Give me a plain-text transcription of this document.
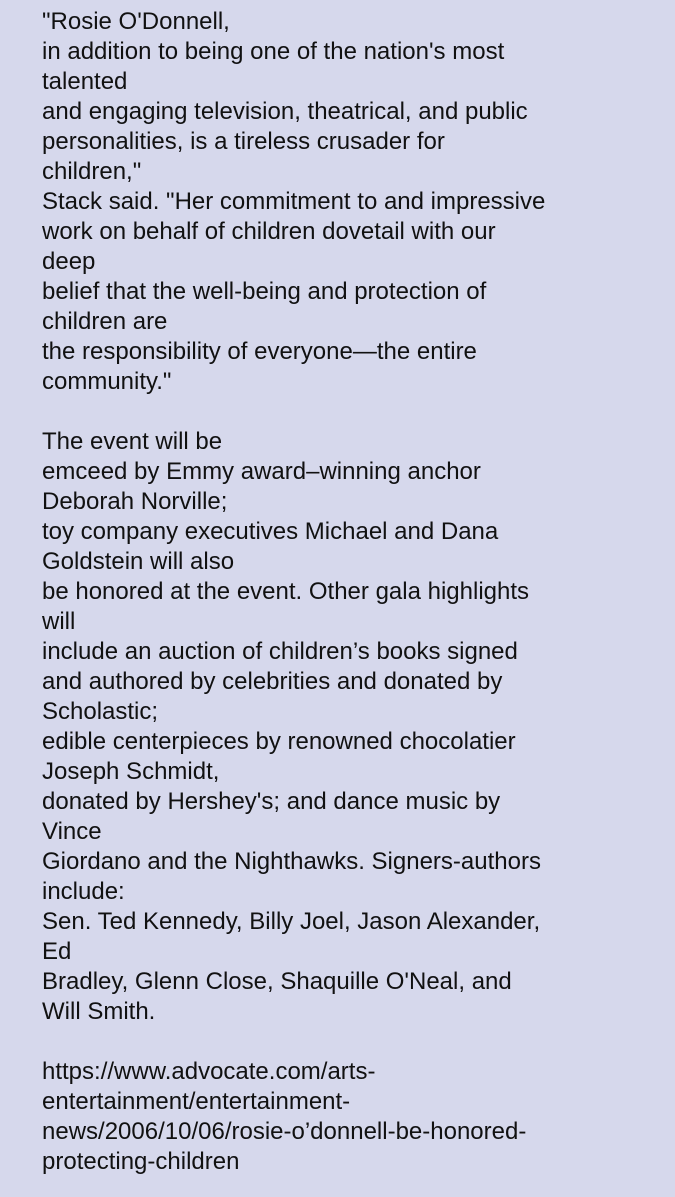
"Rosie O'Donnell,
in addition to being one of the nation's most
talented
and engaging television, theatrical, and public
personalities, is a tireless crusader for
children,"
Stack said. "Her commitment to and impressive
work on behalf of children dovetail with our
deep
belief that the well-being and protection of
children are
the responsibility of everyone—the entire
community."

The event will be
emceed by Emmy award–winning anchor
Deborah Norville;
toy company executives Michael and Dana
Goldstein will also
be honored at the event. Other gala highlights
will
include an auction of children’s books signed
and authored by celebrities and donated by
Scholastic;
edible centerpieces by renowned chocolatier
Joseph Schmidt,
donated by Hershey's; and dance music by
Vince
Giordano and the Nighthawks. Signers-authors
include:
Sen. Ted Kennedy, Billy Joel, Jason Alexander,
Ed
Bradley, Glenn Close, Shaquille O'Neal, and
Will Smith.

https://www.advocate.com/arts-
entertainment/entertainment-
news/2006/10/06/rosie-o’donnell-be-honored-
protecting-children
